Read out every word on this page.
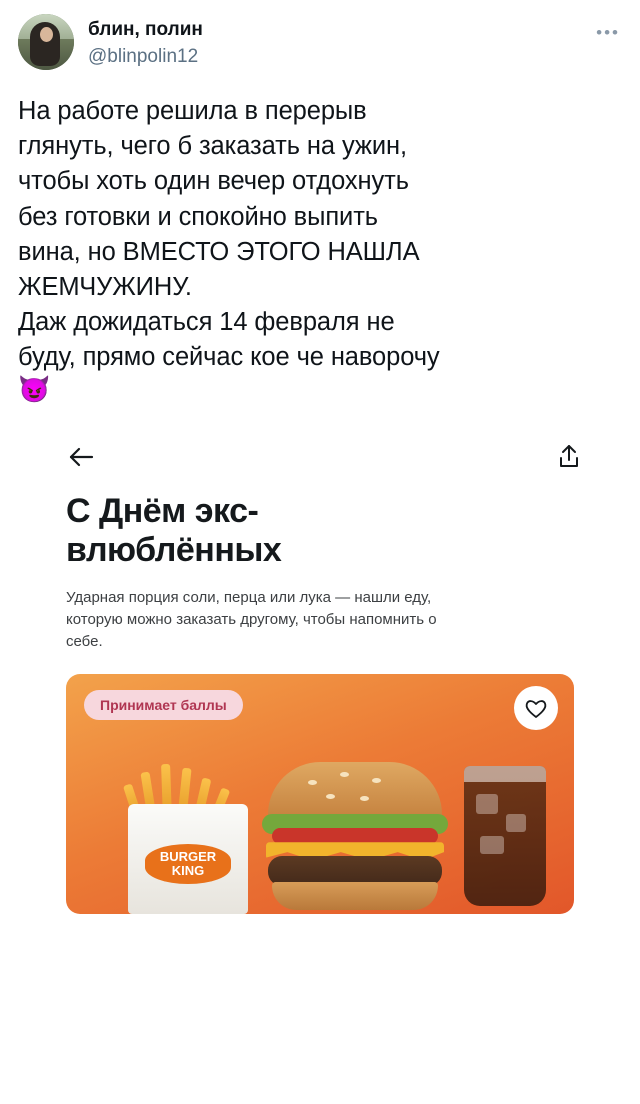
блин, полин
@blinpolin12
•••

На работе решила в перерыв

глянуть, чего б заказать на ужин,

чтобы хоть один вечер отдохнуть

без готовки и спокойно выпить

вина, но ВМЕСТО ЭТОГО НАШЛА

ЖЕМЧУЖИНУ.

Даж дожидаться 14 февраля не

буду, прямо сейчас кое че наворочу

😈

С Днём экс-
влюблённых
Ударная порция соли, перца или лука — нашли еду, которую можно заказать другому, чтобы напомнить о себе.
Принимает баллы
BURGER
KING
